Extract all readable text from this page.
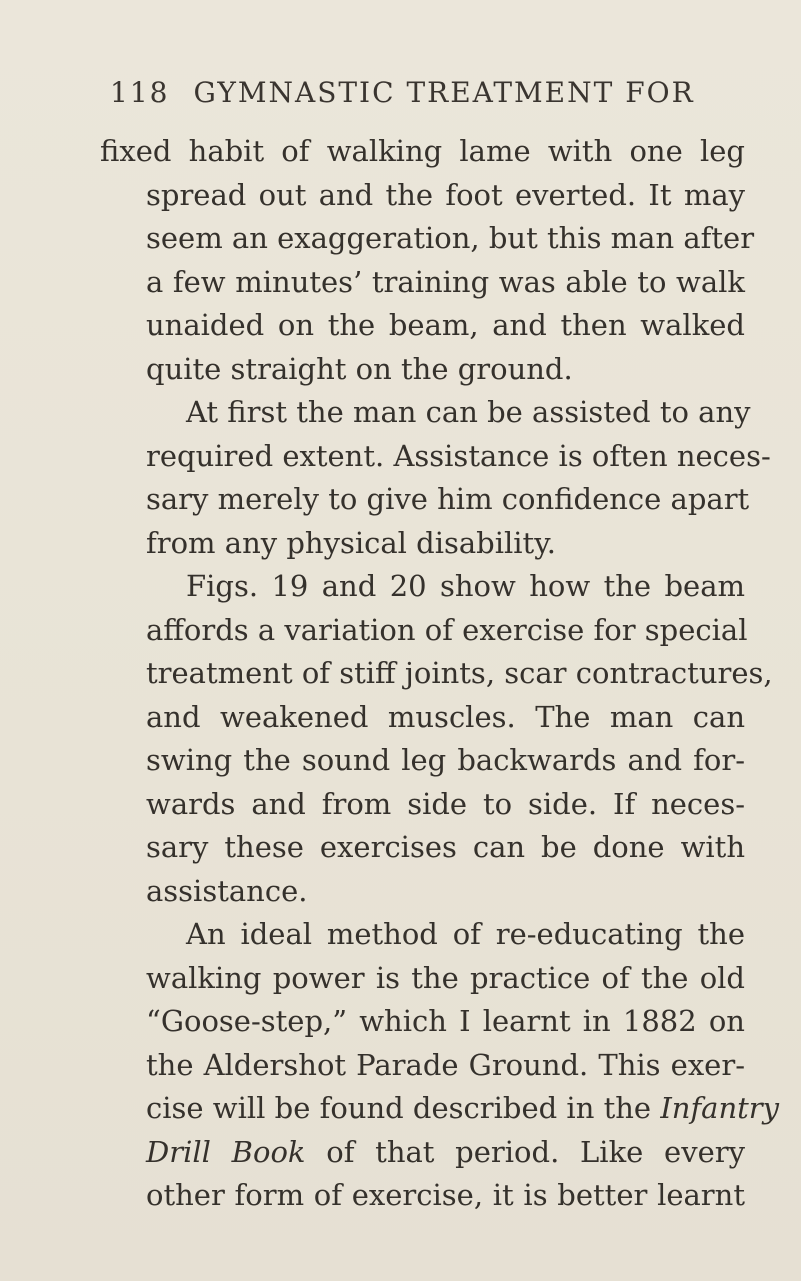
118 GYMNASTIC TREATMENT FOR
fixed habit of walking lame with one leg
spread out and the foot everted. It may
seem an exaggeration, but this man after
a few minutes’ training was able to walk
unaided on the beam, and then walked
quite straight on the ground.
At first the man can be assisted to any
required extent. Assistance is often neces-
sary merely to give him confidence apart
from any physical disability.
Figs. 19 and 20 show how the beam
affords a variation of exercise for special
treatment of stiff joints, scar contractures,
and weakened muscles. The man can
swing the sound leg backwards and for-
wards and from side to side. If neces-
sary these exercises can be done with
assistance.
An ideal method of re-educating the
walking power is the practice of the old
“Goose-step,” which I learnt in 1882 on
the Aldershot Parade Ground. This exer-
cise will be found described in the Infantry
Drill Book of that period. Like every
other form of exercise, it is better learnt
